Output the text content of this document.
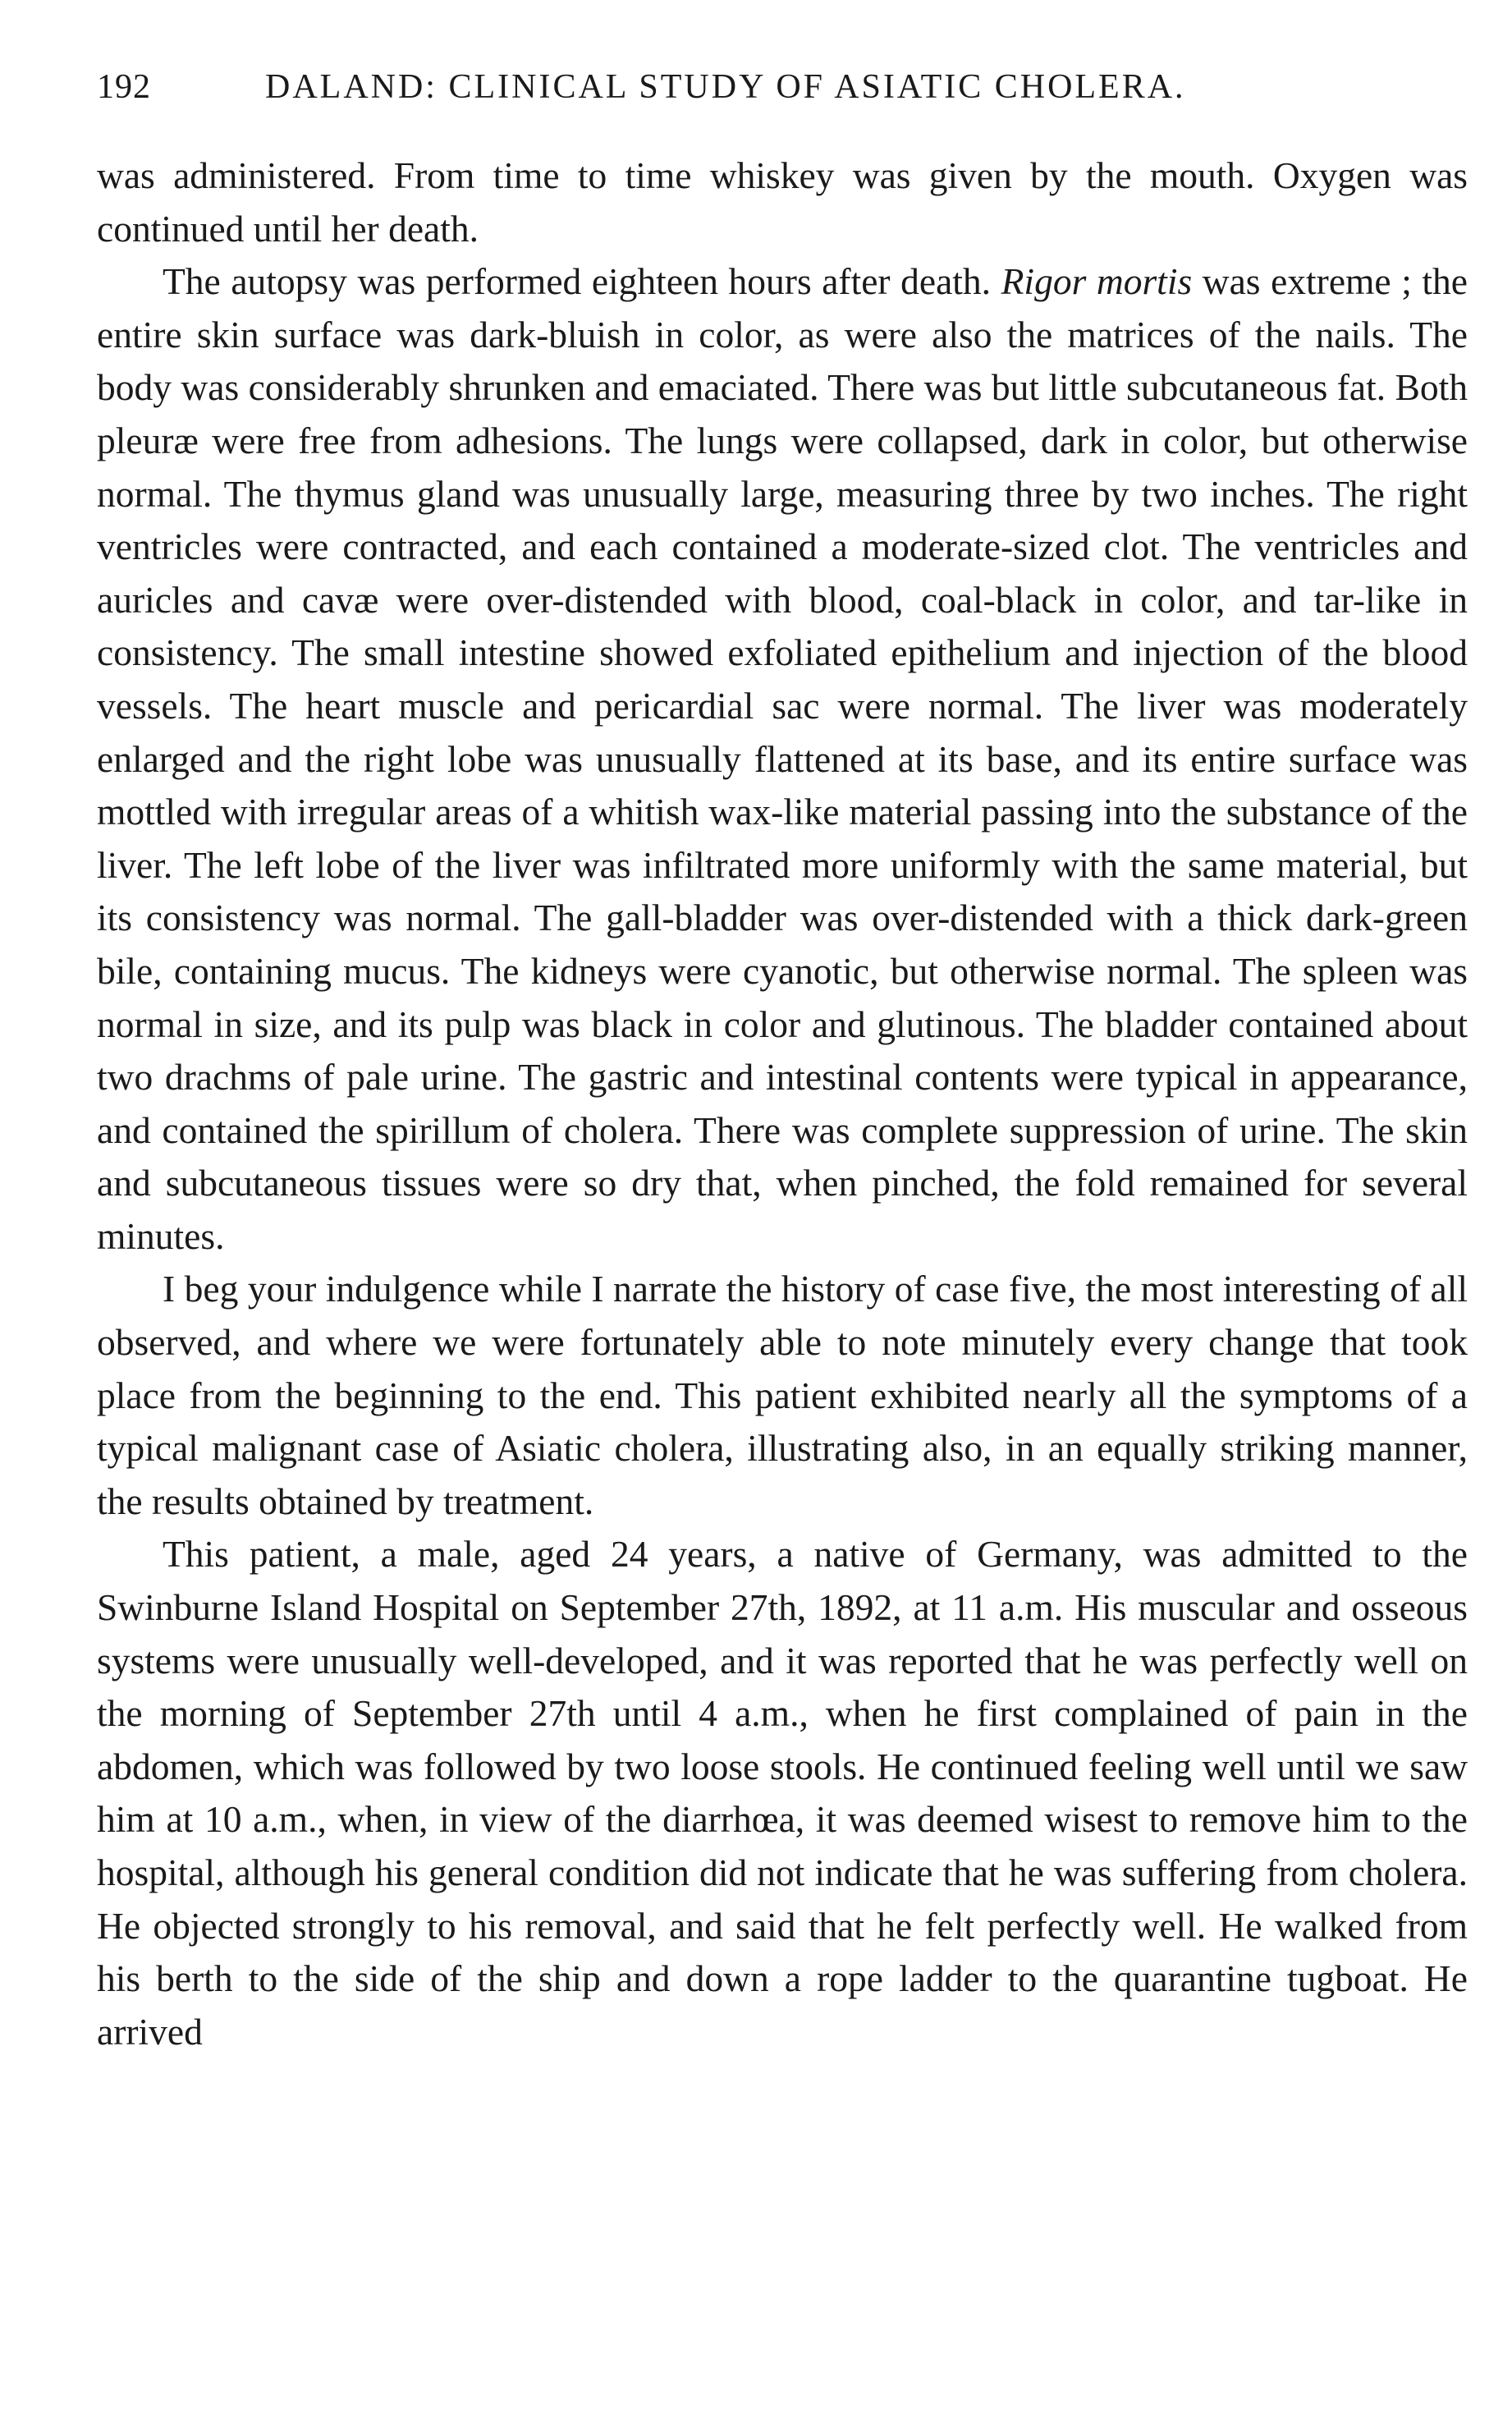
192	DALAND: CLINICAL STUDY OF ASIATIC CHOLERA.

was administered. From time to time whiskey was given by the mouth. Oxygen was continued until her death.

The autopsy was performed eighteen hours after death. Rigor mortis was extreme ; the entire skin surface was dark-bluish in color, as were also the matrices of the nails. The body was considerably shrunken and emaciated. There was but little subcutaneous fat. Both pleuræ were free from adhesions. The lungs were collapsed, dark in color, but otherwise normal. The thymus gland was unusually large, measuring three by two inches. The right ventricles were contracted, and each contained a moderate-sized clot. The ventricles and auricles and cavæ were over-distended with blood, coal-black in color, and tar-like in consistency. The small intestine showed exfoliated epithelium and injection of the blood vessels. The heart muscle and pericardial sac were normal. The liver was moderately enlarged and the right lobe was unusually flattened at its base, and its entire surface was mottled with irregular areas of a whitish wax-like material passing into the substance of the liver. The left lobe of the liver was infiltrated more uniformly with the same material, but its consistency was normal. The gall-bladder was over-distended with a thick dark-green bile, containing mucus. The kidneys were cyanotic, but otherwise normal. The spleen was normal in size, and its pulp was black in color and glutinous. The bladder contained about two drachms of pale urine. The gastric and intestinal contents were typical in appearance, and contained the spirillum of cholera. There was complete suppression of urine. The skin and subcutaneous tissues were so dry that, when pinched, the fold remained for several minutes.

I beg your indulgence while I narrate the history of case five, the most interesting of all observed, and where we were fortunately able to note minutely every change that took place from the beginning to the end. This patient exhibited nearly all the symptoms of a typical malignant case of Asiatic cholera, illustrating also, in an equally striking manner, the results obtained by treatment.

This patient, a male, aged 24 years, a native of Germany, was admitted to the Swinburne Island Hospital on September 27th, 1892, at 11 a.m. His muscular and osseous systems were unusually well-developed, and it was reported that he was perfectly well on the morning of September 27th until 4 a.m., when he first complained of pain in the abdomen, which was followed by two loose stools. He continued feeling well until we saw him at 10 a.m., when, in view of the diarrhœa, it was deemed wisest to remove him to the hospital, although his general condition did not indicate that he was suffering from cholera. He objected strongly to his removal, and said that he felt perfectly well. He walked from his berth to the side of the ship and down a rope ladder to the quarantine tugboat. He arrived
